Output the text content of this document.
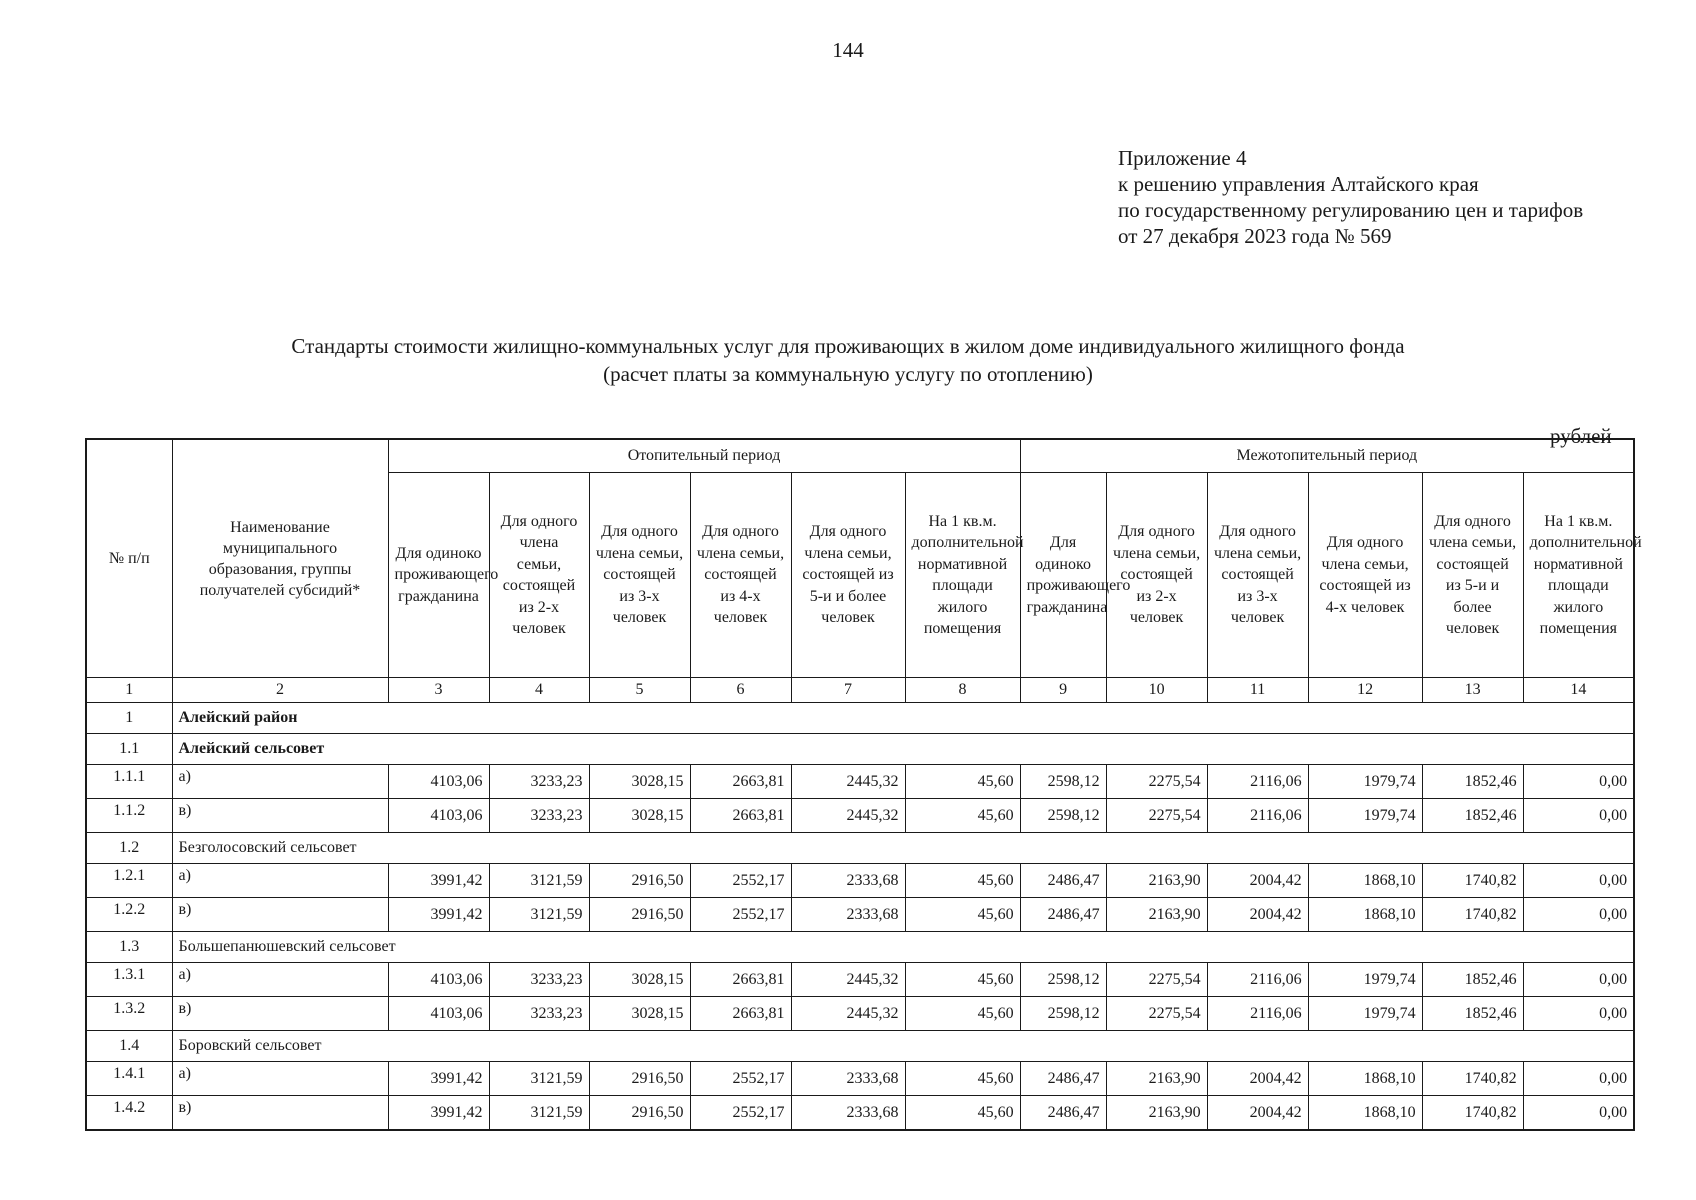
144
Приложение 4
к решению управления Алтайского края
по государственному регулированию цен и тарифов
от 27 декабря 2023 года № 569
Стандарты стоимости жилищно-коммунальных услуг для проживающих в жилом доме индивидуального жилищного фонда
(расчет платы за коммунальную услугу по отоплению)
рублей
№ п/п	Наименование муниципального образования, группы получателей субсидий*	Отопительный период						Межотопительный период					
		Для одиноко проживающего гражданина	Для одного члена семьи, состоящей из 2-х человек	Для одного члена семьи, состоящей из 3-х человек	Для одного члена семьи, состоящей из 4-х человек	Для одного члена семьи, состоящей из 5-и и более человек	На 1 кв.м. дополнительной нормативной площади жилого помещения	Для одиноко проживающего гражданина	Для одного члена семьи, состоящей из 2-х человек	Для одного члена семьи, состоящей из 3-х человек	Для одного члена семьи, состоящей из 4-х человек	Для одного члена семьи, состоящей из 5-и и более человек	На 1 кв.м. дополнительной нормативной площади жилого помещения
1	2	3	4	5	6	7	8	9	10	11	12	13	14
1	Алейский район												
1.1	Алейский сельсовет												
1.1.1	а)	4103,06	3233,23	3028,15	2663,81	2445,32	45,60	2598,12	2275,54	2116,06	1979,74	1852,46	0,00
1.1.2	в)	4103,06	3233,23	3028,15	2663,81	2445,32	45,60	2598,12	2275,54	2116,06	1979,74	1852,46	0,00
1.2	Безголосовский сельсовет												
1.2.1	а)	3991,42	3121,59	2916,50	2552,17	2333,68	45,60	2486,47	2163,90	2004,42	1868,10	1740,82	0,00
1.2.2	в)	3991,42	3121,59	2916,50	2552,17	2333,68	45,60	2486,47	2163,90	2004,42	1868,10	1740,82	0,00
1.3	Большепанюшевский сельсовет												
1.3.1	а)	4103,06	3233,23	3028,15	2663,81	2445,32	45,60	2598,12	2275,54	2116,06	1979,74	1852,46	0,00
1.3.2	в)	4103,06	3233,23	3028,15	2663,81	2445,32	45,60	2598,12	2275,54	2116,06	1979,74	1852,46	0,00
1.4	Боровский сельсовет												
1.4.1	а)	3991,42	3121,59	2916,50	2552,17	2333,68	45,60	2486,47	2163,90	2004,42	1868,10	1740,82	0,00
1.4.2	в)	3991,42	3121,59	2916,50	2552,17	2333,68	45,60	2486,47	2163,90	2004,42	1868,10	1740,82	0,00
